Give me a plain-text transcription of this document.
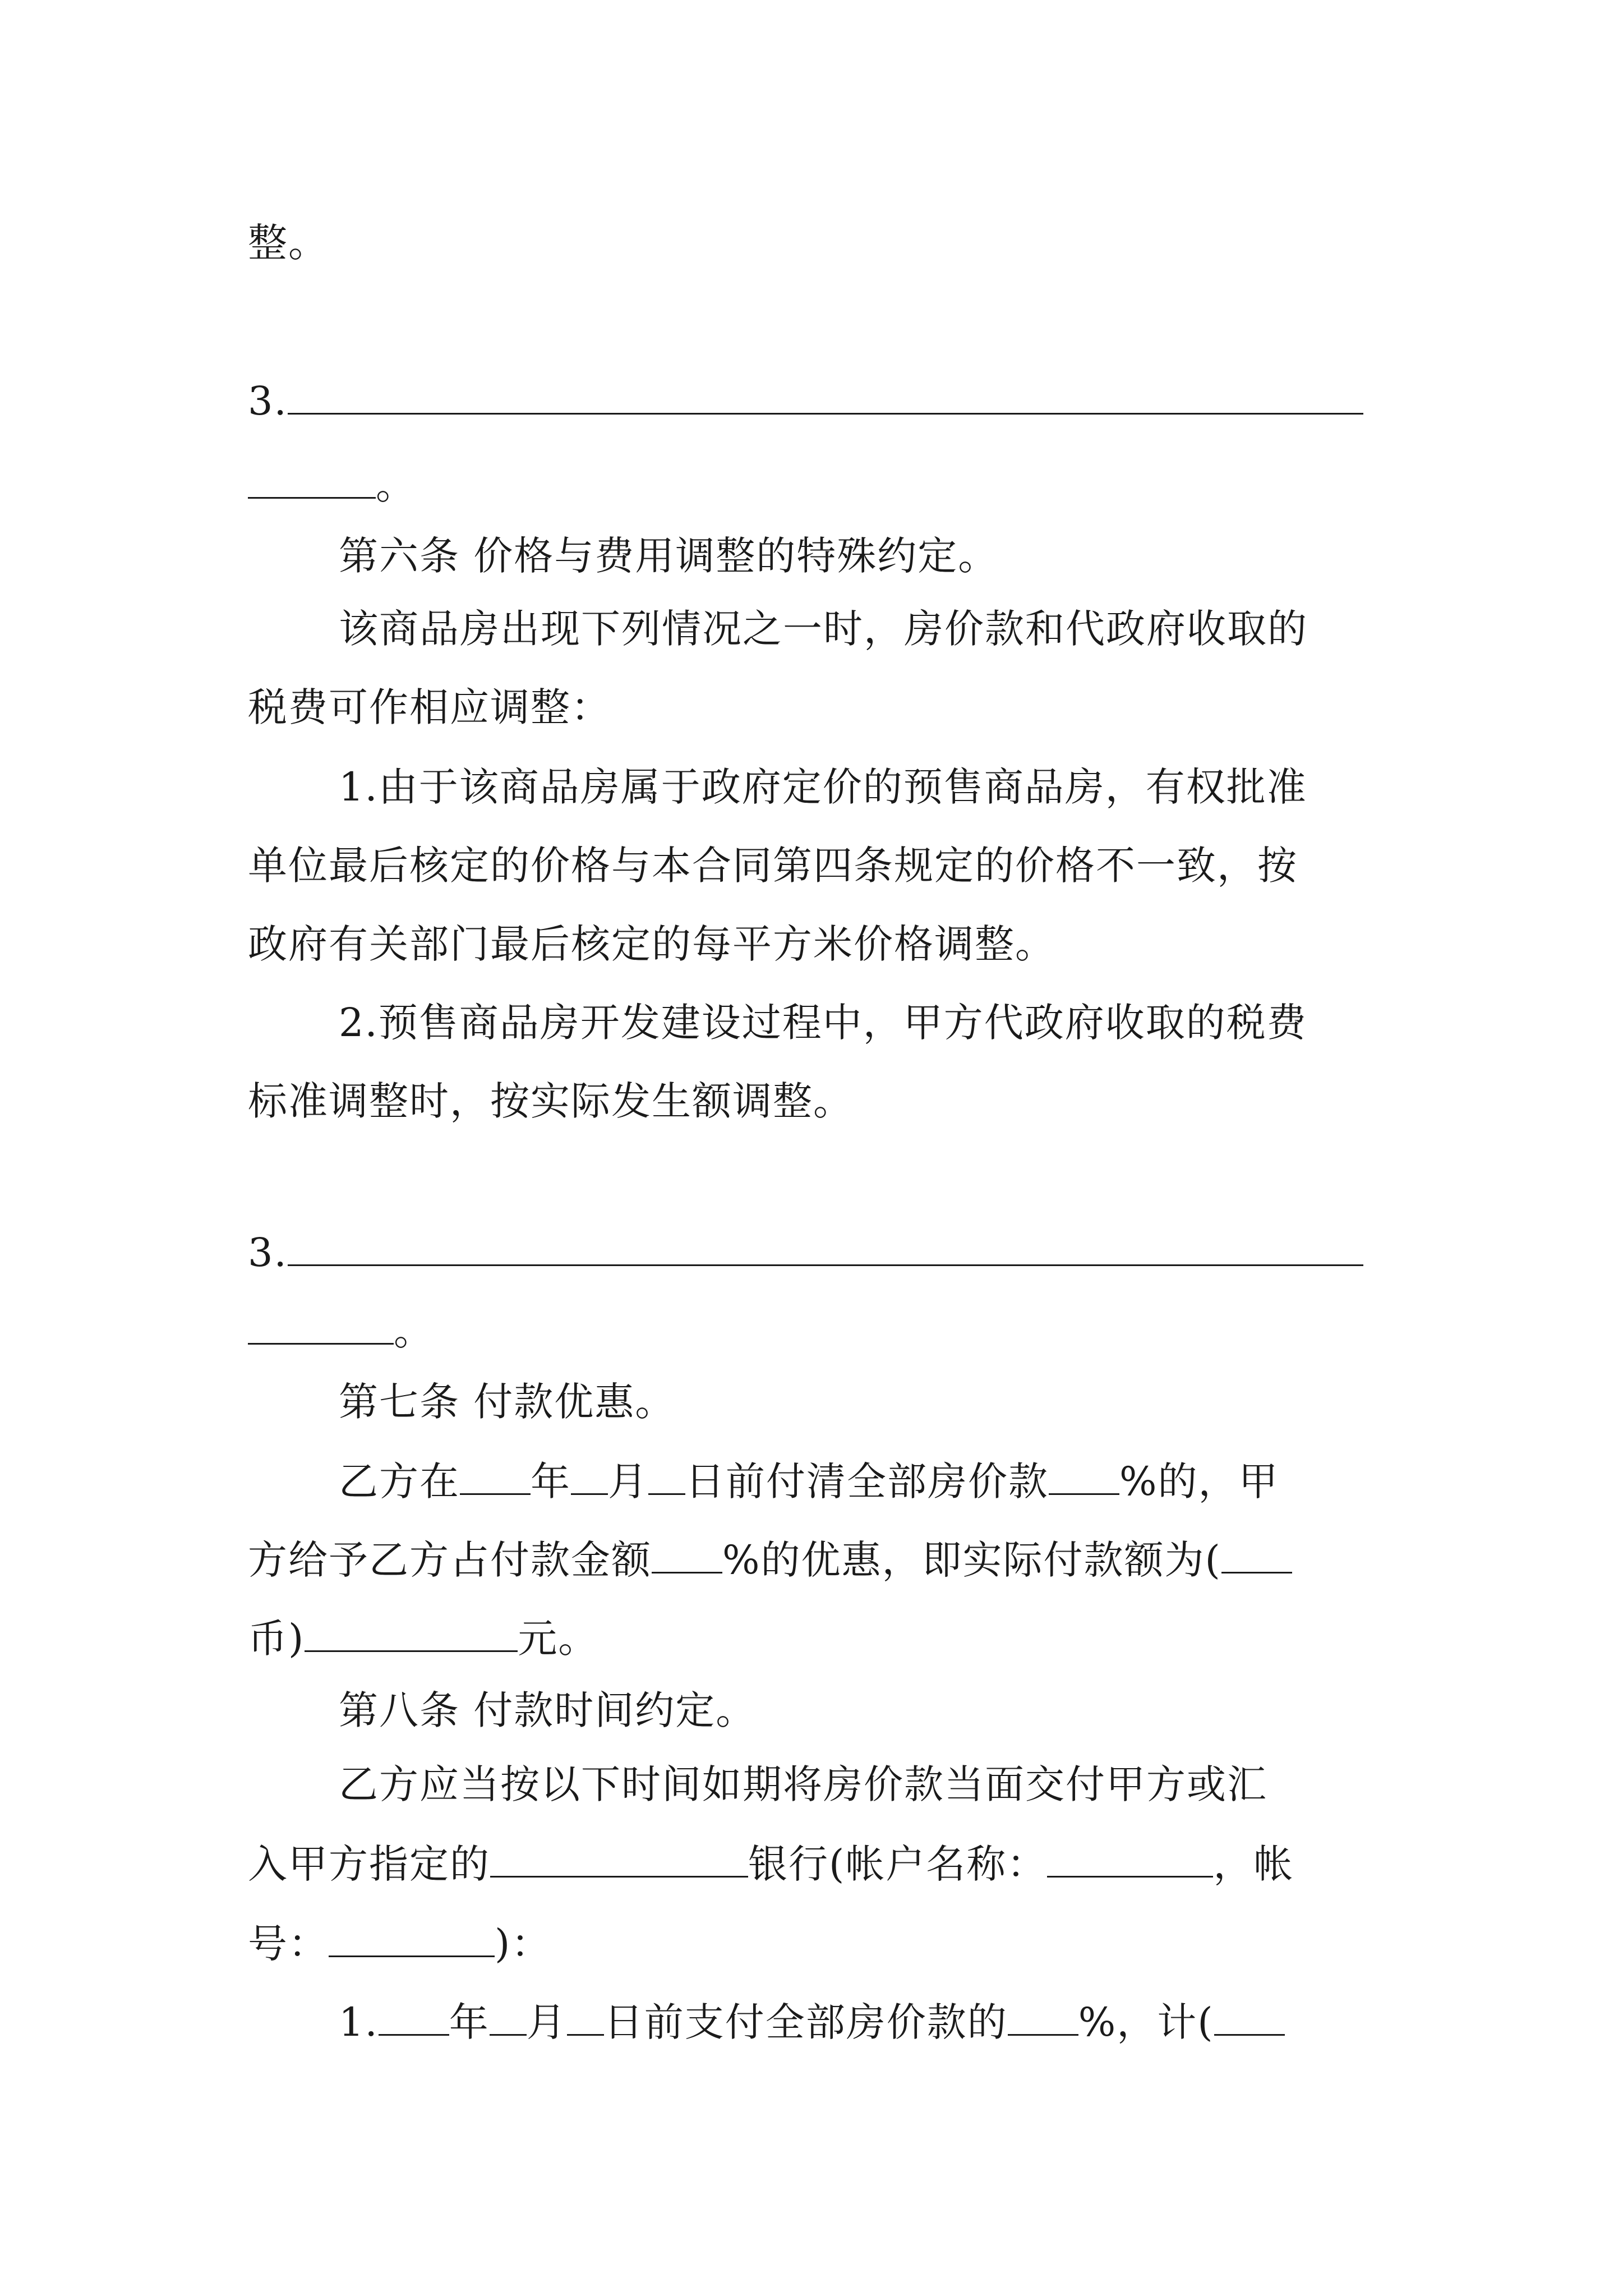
整。
3.
。
第六条 价格与费用调整的特殊约定。
该商品房出现下列情况之一时，房价款和代政府收取的
税费可作相应调整：
1.由于该商品房属于政府定价的预售商品房，有权批准
单位最后核定的价格与本合同第四条规定的价格不一致，按
政府有关部门最后核定的每平方米价格调整。
2.预售商品房开发建设过程中，甲方代政府收取的税费
标准调整时，按实际发生额调整。
3.
。
第七条 付款优惠。
乙方在 年 月 日前付清全部房价款 %的，甲
方给予乙方占付款金额 %的优惠，即实际付款额为(
币)	元。
第八条 付款时间约定。
乙方应当按以下时间如期将房价款当面交付甲方或汇
入甲方指定的	银行(帐户名称：	，帐
号：	)：
1. 年 月 日前支付全部房价款的 %，计(
